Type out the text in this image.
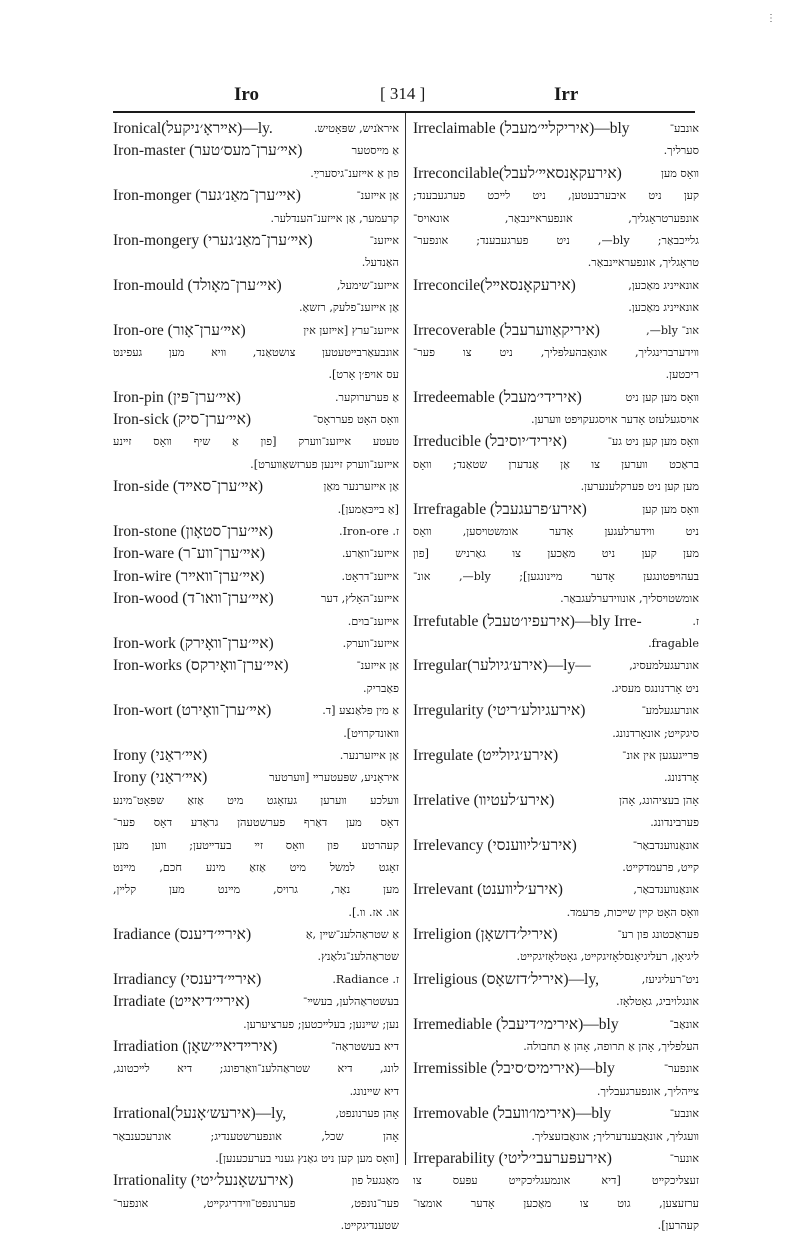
⋮
Iro	[ 314 ]	Irr
Ironical(אײראָ׳ניקעל)—ly.	אירא̇ניש, שפּאָטיש.
Iron-master (אײ׳ערן־מעס׳טער)	אַ מײסטער
פון אַ אײזענ־גיסערײַ.
Iron-monger (אײ׳ערן־מאַנ׳גער)	אַן אײזענ־
קרעמער, אַן אײזענ־הענדלער.
Iron-mongery (אײ׳ערן־מאַנ׳גערי)	אײזענ־
האַנדעל.
Iron-mould (אײ׳ערן־מאָולד)	אײזענ־שימעל,
אַן אײזענ־פלעק, רזשאַ.
Iron-ore (אײ׳ערן־אָור)	אײזענ־ערץ [אײזען אין
אונבעאַרבײטעטען צושטאַנד, װיא מען געפינט
עס אויפ׳ן אָרט].
Iron-pin (אײ׳ערן־פּין)	אַ פערערוקער.
Iron-sick (אײ׳ערן־סיק)	װאָס האָט פערראָס־
טעטע אײזענ־װערק [פון אַ שיף װאָס זײנע
אײזענ־װערק זײנען פערזשאַװערט].
Iron-side (אײ׳ערן־סאײד)	אַן אײזערנער מאַן
[אַ בײכּאַמען].
Iron-stone (אײ׳ערן־סטאָון)	ז. Iron-ore.
Iron-ware (אײ׳ערן־װע־ר)	אײזענ־װאַרע.
Iron-wire (אײ׳ערן־װאײר)	אײזענ־דראָט.
Iron-wood (אײ׳ערן־װאו־ד)	אײזענ־האָלץ, דער
אײזענ־בוים.
Iron-work (אײ׳ערן־װאָירק)	אײזענ־װערק.
Iron-works (אײ׳ערן־װאָירקס)	אַן אײזענ־
פאַבריק.
Iron-wort (אײ׳ערן־װאָירט)	אַ מין פלאַנצע [ד.
װאונדקרױט].
Irony (אײ׳ראַני)	אַן אײזערנער.
Irony (אײ׳ראַני)	איראָניע, שפּעטערײ [װערטער
װעלכע װערען געזאָגט מיט אַזאַ שפּאָט־מינע
דאָס מען דאַרף פערשטעהן גראַדע דאָס פער־
קעהרטע פון װאָס זײ בעדײטען; װען מען
זאָגט למשל מיט אַזאַ מינע חכם, מײנט
מען נאַר, גרויס, מײנט מען קלײן,
או. אז. װ.].
Iradiance (אירײ׳דיענס)	אַ שטראַהלענ־שײן ,אַ
שטראַהלענ־גלאַנץ.
Irradiancy (אירײ׳דיענסי)	ז. Radiance.
Irradiate (אירײ׳דיאײט)	בעשטראַהלען, בעשײ־
נען; שײנען; בעלײכטען; פערציערען.
Irradiation (אירײדיאײ׳שאָן)	דיא בעשטראַה־
לונג, דיא שטראַהלענ־װאַרפונג; דיא לײכטונג,
דיא שײנונג.
Irrational(אירעש׳אָנעל)—ly,	אָהן פערנונפט,
אָהן שכל, אונפערשטענדיג; אונרעכענבאַר
[װאָס מען קען ניט גאַנץ גענױ בערעכענען].
Irrationality (אירעשאָנעל׳יטי)	מאַנגעל פון
פער־נונפט, פערנונפט־װידריגקײט, אונפער־
שטענדיגקײט.
Irreclaimable (איריקלײ׳מעבל)—bly	אונבע־
סערליך.
Irreconcilable(אירעקאָנסאײ׳לעבל)	װאָס מען
קען ניט איבערבעטען, ניט לײכט פערגעבענד;
אונפערטראָגליך, אונפעראײנבאַר, אונאויס־
גלײכבאַר; bly—, ניט פערגעבענד; אונפער־
טראָגליך, אונפעראײנבאַר.
Irreconcile(אירעקאָנסאײל)	אונאײניג מאַכען,
אונאײניג מאַכען.
Irrecoverable (איריקאַװערעבל)	אונ־ bly—,
װידערברינגליך, אונאָבהעלפליך, ניט צו פער־
ריכטען.
Irredeemable (אירידי׳מעבל)	װאָס מען קען ניט
אויסגעלעזט אָדער אויסגעקױפט װערען.
Irreducible (איריד׳יוסיבל)	װאָס מען קען ניט גע־
בראַכט װערען צו אַן אַנדערן שטאַנד; װאָס
מען קען ניט פערקלענערען.
Irrefragable (אירע׳פרעגעבל)	װאָס מען קען
ניט װידערלעגען אָדער אומשטױסען, װאָס
מען קען ניט מאַכען צו גאַרניש [פון
בעהױפּטונגען אָדער מײנונגען]; bly—, אונ־
אומשטױסליך, אונװידערלעגבאַר.
Irrefutable (אירעפיו׳טעבל)—bly Irre-	ז.
fragable.
Irregular(אירע׳גיולער)—ly—	אונרעגעלמעסיג,
ניט אָרדנונגס מעסיג.
Irregularity (אירעגיולע׳ריטי)	אונרעגעלמע־
סיגקײט; אונאָרדנונג.
Irregulate (אירע׳גיולײט)	פּרײגעגען אין אונ־
אָרדנונג.
Irrelative (אירע׳לעטיװ)	אָהן בעציהונג, אָהן
פערבינדונג.
Irrelevancy (אירע׳ליװענסי)	אונאַנװענדבאַר־
קײט, פרעמדקײט.
Irrelevant (אירע׳ליװענט)	אונאַנװענדבאַר,
װאָס האָט קײן שײכות, פרעמד.
Irreligion (איריל׳דזשאָן)	פעראַכטונג פון רע־
ליגיאָן, רעליגיאָנסלאָזיגקײט, גאָטלאָזיגקײט.
Irreligious (איריל׳דזשאָס)—ly,	ניט־רעליגיעז,
אונגלויביג, גאָטלאָז.
Irremediable (אירימי׳דיעבל)—bly	אונאַב־
העלפליך, אָהן אַ תרופה, אָהן אַ תחבולה.
Irremissible (אירימיס׳סיבל)—bly	אונפער־
צײהליך, אונפערגעבליך.
Irremovable (אירימו׳װעבל)—bly	אונבע־
װעגליך, אונאַבענדערליך; אונאַבזעצליך.
Irreparability (אירעפּערעבי׳ליטי)	אונער־
זעצליכקײט [דיא אונמעגליכקײט עפּעס צו
ערזעצען, גוט צו מאַכען אָדער אומצו־
קעהרען].
